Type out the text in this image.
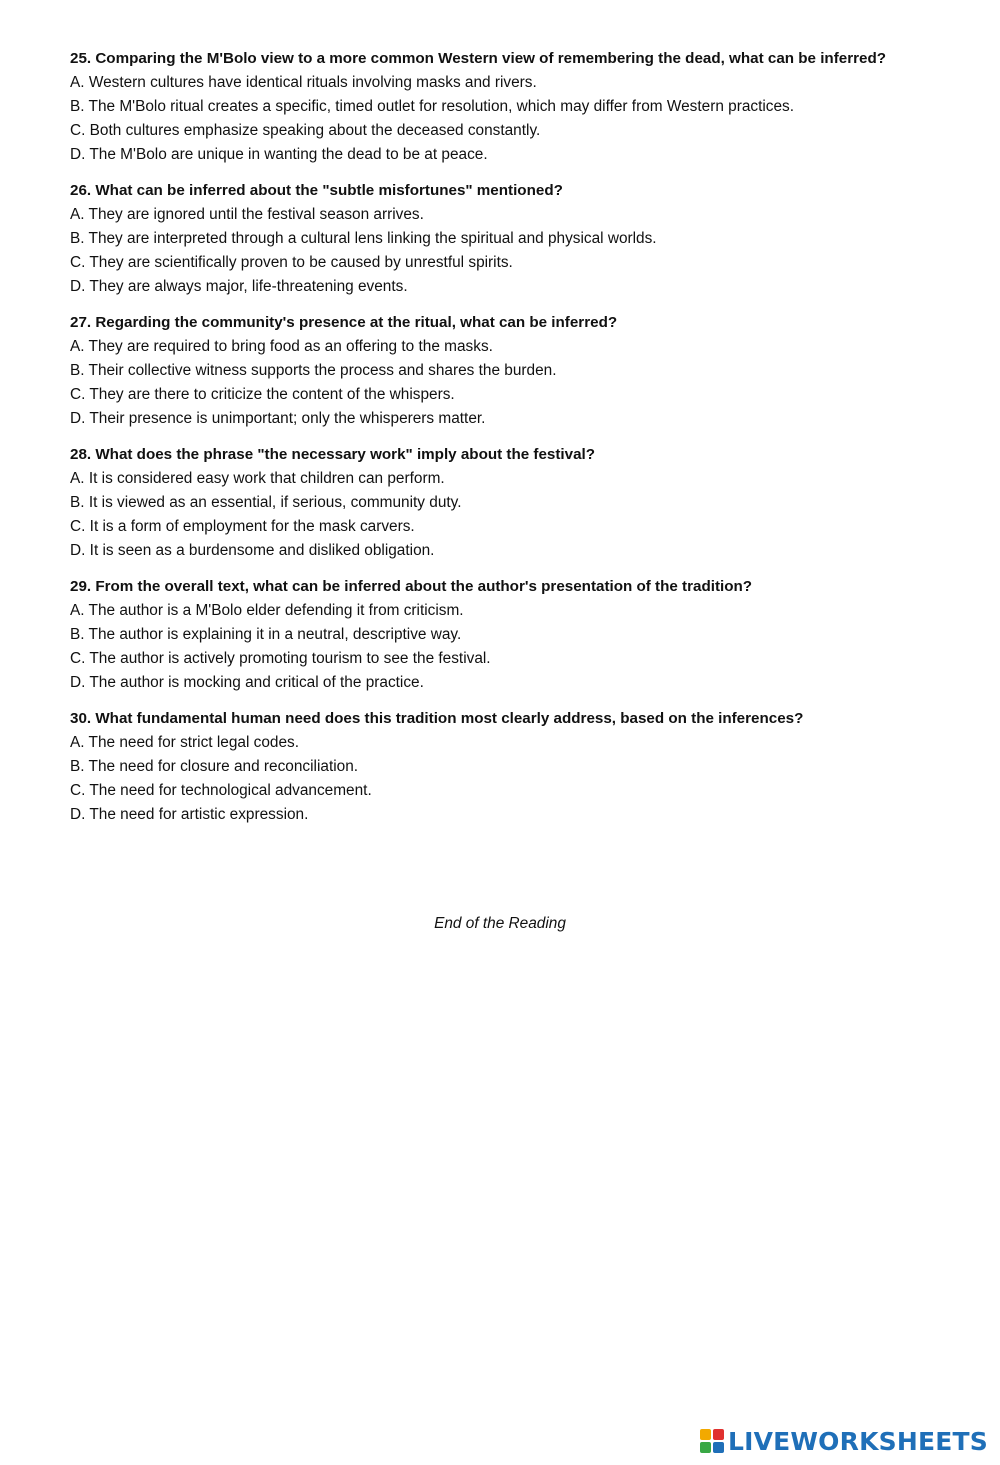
25. Comparing the M'Bolo view to a more common Western view of remembering the dead, what can be inferred?
A. Western cultures have identical rituals involving masks and rivers.
B. The M'Bolo ritual creates a specific, timed outlet for resolution, which may differ from Western practices.
C. Both cultures emphasize speaking about the deceased constantly.
D. The M'Bolo are unique in wanting the dead to be at peace.
26. What can be inferred about the "subtle misfortunes" mentioned?
A. They are ignored until the festival season arrives.
B. They are interpreted through a cultural lens linking the spiritual and physical worlds.
C. They are scientifically proven to be caused by unrestful spirits.
D. They are always major, life-threatening events.
27. Regarding the community's presence at the ritual, what can be inferred?
A. They are required to bring food as an offering to the masks.
B. Their collective witness supports the process and shares the burden.
C. They are there to criticize the content of the whispers.
D. Their presence is unimportant; only the whisperers matter.
28. What does the phrase "the necessary work" imply about the festival?
A. It is considered easy work that children can perform.
B. It is viewed as an essential, if serious, community duty.
C. It is a form of employment for the mask carvers.
D. It is seen as a burdensome and disliked obligation.
29. From the overall text, what can be inferred about the author's presentation of the tradition?
A. The author is a M'Bolo elder defending it from criticism.
B. The author is explaining it in a neutral, descriptive way.
C. The author is actively promoting tourism to see the festival.
D. The author is mocking and critical of the practice.
30. What fundamental human need does this tradition most clearly address, based on the inferences?
A. The need for strict legal codes.
B. The need for closure and reconciliation.
C. The need for technological advancement.
D. The need for artistic expression.
End of the Reading
LIVEWORKSHEETS
